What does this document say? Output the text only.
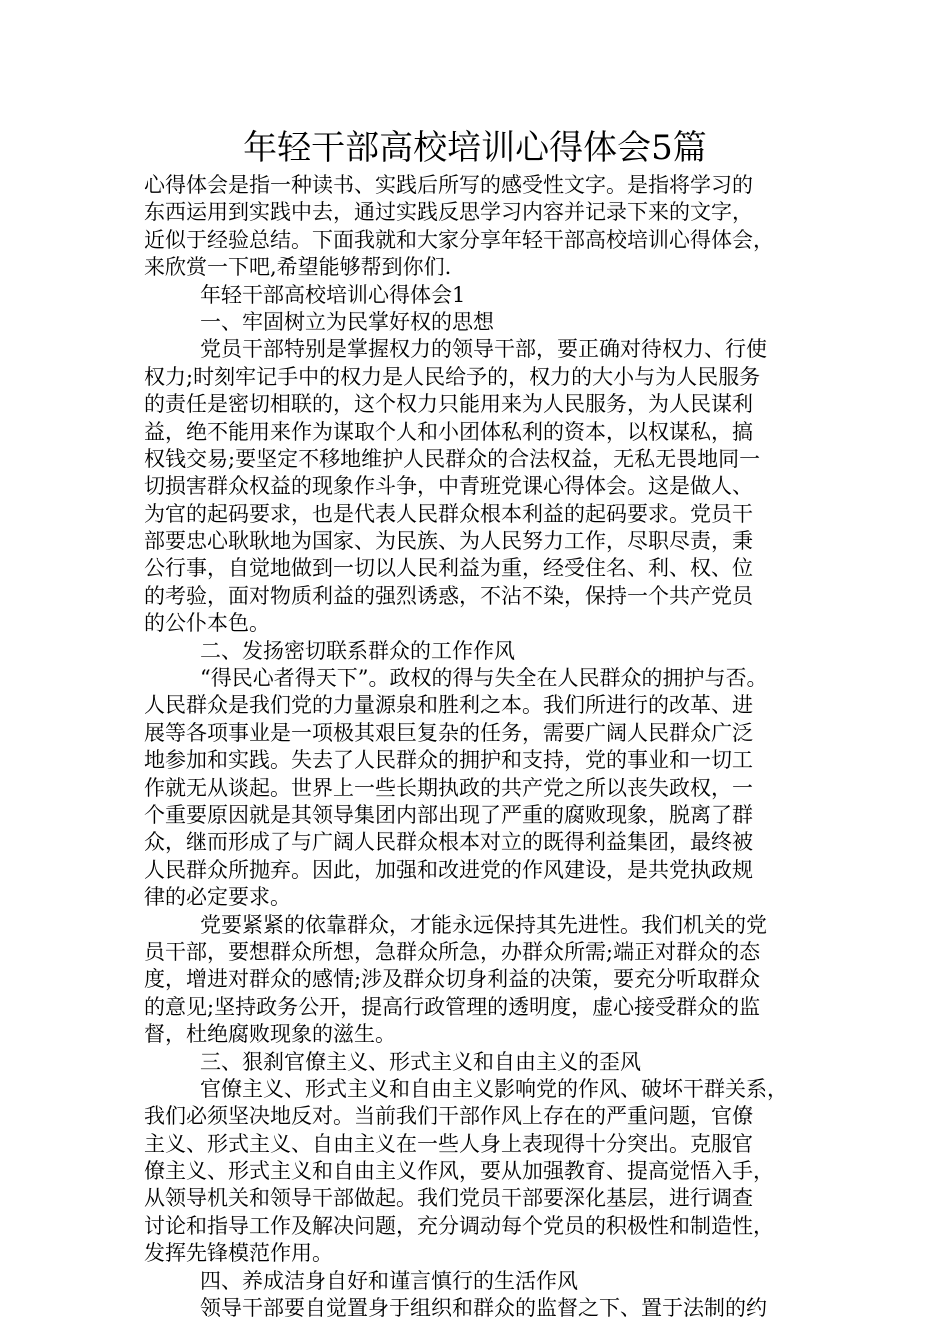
年轻干部高校培训心得体会5篇
心得体会是指一种读书、实践后所写的感受性文字。是指将学习的
东西运用到实践中去，通过实践反思学习内容并记录下来的文字，
近似于经验总结。下面我就和大家分享年轻干部高校培训心得体会，
来欣赏一下吧,希望能够帮到你们.
年轻干部高校培训心得体会1
一、牢固树立为民掌好权的思想
党员干部特别是掌握权力的领导干部，要正确对待权力、行使
权力;时刻牢记手中的权力是人民给予的，权力的大小与为人民服务
的责任是密切相联的，这个权力只能用来为人民服务，为人民谋利
益，绝不能用来作为谋取个人和小团体私利的资本，以权谋私，搞
权钱交易;要坚定不移地维护人民群众的合法权益，无私无畏地同一
切损害群众权益的现象作斗争，中青班党课心得体会。这是做人、
为官的起码要求，也是代表人民群众根本利益的起码要求。党员干
部要忠心耿耿地为国家、为民族、为人民努力工作，尽职尽责，秉
公行事，自觉地做到一切以人民利益为重，经受住名、利、权、位
的考验，面对物质利益的强烈诱惑，不沾不染，保持一个共产党员
的公仆本色。
二、发扬密切联系群众的工作作风
“得民心者得天下”。政权的得与失全在人民群众的拥护与否。
人民群众是我们党的力量源泉和胜利之本。我们所进行的改革、进
展等各项事业是一项极其艰巨复杂的任务，需要广阔人民群众广泛
地参加和实践。失去了人民群众的拥护和支持，党的事业和一切工
作就无从谈起。世界上一些长期执政的共产党之所以丧失政权，一
个重要原因就是其领导集团内部出现了严重的腐败现象，脱离了群
众，继而形成了与广阔人民群众根本对立的既得利益集团，最终被
人民群众所抛弃。因此，加强和改进党的作风建设，是共党执政规
律的必定要求。
党要紧紧的依靠群众，才能永远保持其先进性。我们机关的党
员干部，要想群众所想，急群众所急，办群众所需;端正对群众的态
度，增进对群众的感情;涉及群众切身利益的决策，要充分听取群众
的意见;坚持政务公开，提高行政管理的透明度，虚心接受群众的监
督，杜绝腐败现象的滋生。
三、狠刹官僚主义、形式主义和自由主义的歪风
官僚主义、形式主义和自由主义影响党的作风、破坏干群关系，
我们必须坚决地反对。当前我们干部作风上存在的严重问题，官僚
主义、形式主义、自由主义在一些人身上表现得十分突出。克服官
僚主义、形式主义和自由主义作风，要从加强教育、提高觉悟入手，
从领导机关和领导干部做起。我们党员干部要深化基层，进行调查
讨论和指导工作及解决问题，充分调动每个党员的积极性和制造性，
发挥先锋模范作用。
四、养成洁身自好和谨言慎行的生活作风
领导干部要自觉置身于组织和群众的监督之下、置于法制的约
